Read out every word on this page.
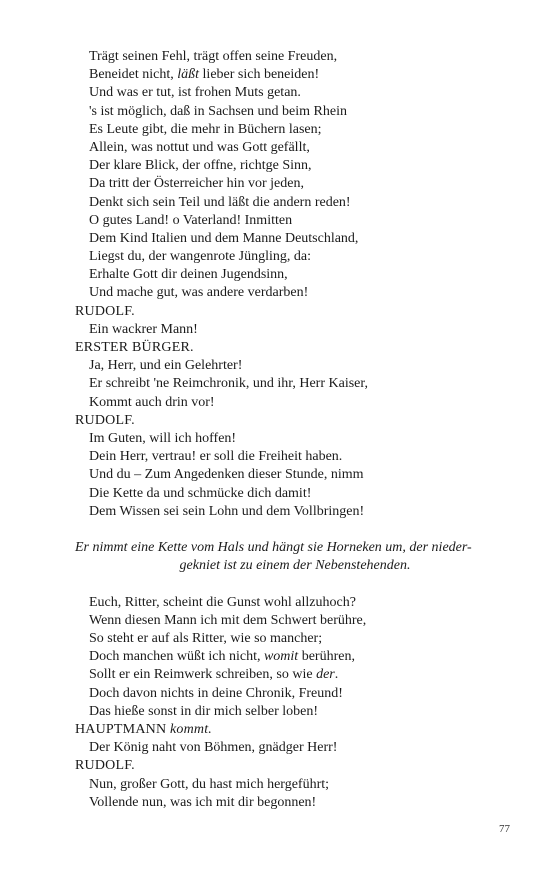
Trägt seinen Fehl, trägt offen seine Freuden,
Beneidet nicht, läßt lieber sich beneiden!
Und was er tut, ist frohen Muts getan.
's ist möglich, daß in Sachsen und beim Rhein
Es Leute gibt, die mehr in Büchern lasen;
Allein, was nottut und was Gott gefällt,
Der klare Blick, der offne, richtge Sinn,
Da tritt der Österreicher hin vor jeden,
Denkt sich sein Teil und läßt die andern reden!
O gutes Land! o Vaterland! Inmitten
Dem Kind Italien und dem Manne Deutschland,
Liegst du, der wangenrote Jüngling, da:
Erhalte Gott dir deinen Jugendsinn,
Und mache gut, was andere verdarben!
RUDOLF.
Ein wackrer Mann!
ERSTER BÜRGER.
Ja, Herr, und ein Gelehrter!
Er schreibt 'ne Reimchronik, und ihr, Herr Kaiser,
Kommt auch drin vor!
RUDOLF.
Im Guten, will ich hoffen!
Dein Herr, vertrau! er soll die Freiheit haben.
Und du – Zum Angedenken dieser Stunde, nimm
Die Kette da und schmücke dich damit!
Dem Wissen sei sein Lohn und dem Vollbringen!
Er nimmt eine Kette vom Hals und hängt sie Horneken um, der nieder-
gekniet ist zu einem der Nebenstehenden.
Euch, Ritter, scheint die Gunst wohl allzuhoch?
Wenn diesen Mann ich mit dem Schwert berühre,
So steht er auf als Ritter, wie so mancher;
Doch manchen wüßt ich nicht, womit berühren,
Sollt er ein Reimwerk schreiben, so wie der.
Doch davon nichts in deine Chronik, Freund!
Das hieße sonst in dir mich selber loben!
HAUPTMANN kommt.
Der König naht von Böhmen, gnädger Herr!
RUDOLF.
Nun, großer Gott, du hast mich hergeführt;
Vollende nun, was ich mit dir begonnen!
77
